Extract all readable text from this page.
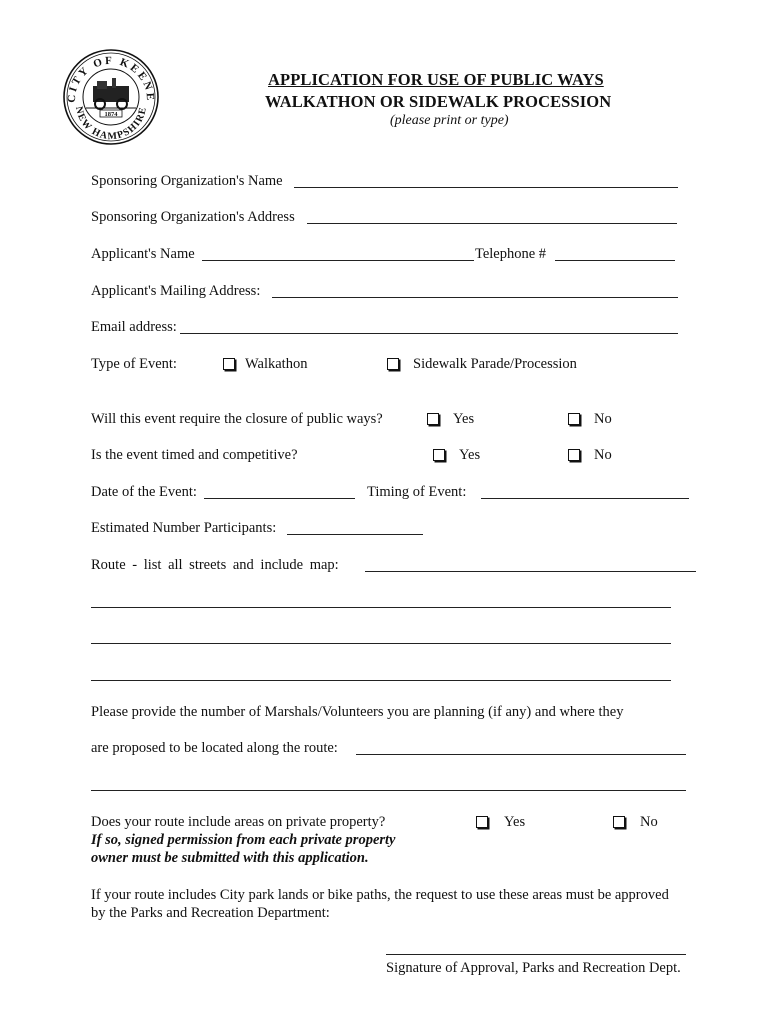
CITY OF KEENE
NEW HAMPSHIRE
1874
APPLICATION FOR USE OF PUBLIC WAYS
WALKATHON OR SIDEWALK PROCESSION
(please print or type)
Sponsoring Organization's Name
Sponsoring Organization's Address
Applicant's Name	Telephone #
Applicant's Mailing Address:
Email address:
Type of Event:	Walkathon	Sidewalk Parade/Procession
Will this event require the closure of public ways?	Yes	No
Is the event timed and competitive?	Yes	No
Date of the Event:	Timing of Event:
Estimated Number Participants:
Route - list all streets and include map:
Please provide the number of Marshals/Volunteers you are planning (if any) and where they
are proposed to be located along the route:
Does your route include areas on private property?	Yes	No
If so, signed permission from each private property
owner must be submitted with this application.
If your route includes City park lands or bike paths, the request to use these areas must be approved
by the Parks and Recreation Department:
Signature of Approval, Parks and Recreation Dept.
